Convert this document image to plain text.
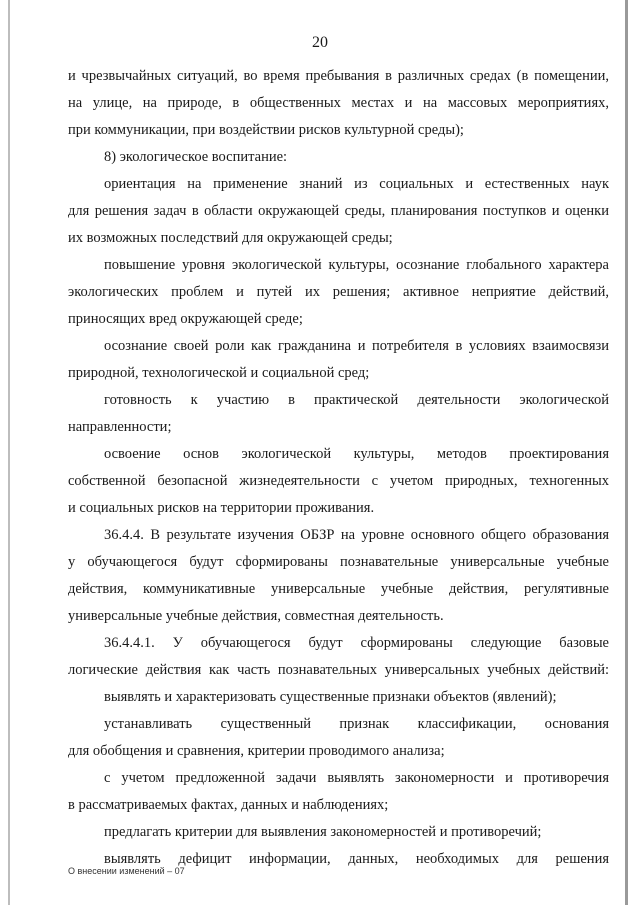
20
и чрезвычайных ситуаций, во время пребывания в различных средах (в помещении,
на улице, на природе, в общественных местах и на массовых мероприятиях,
при коммуникации, при воздействии рисков культурной среды);
8) экологическое воспитание:
ориентация на применение знаний из социальных и естественных наук
для решения задач в области окружающей среды, планирования поступков и оценки
их возможных последствий для окружающей среды;
повышение уровня экологической культуры, осознание глобального характера
экологических проблем и путей их решения; активное неприятие действий,
приносящих вред окружающей среде;
осознание своей роли как гражданина и потребителя в условиях взаимосвязи
природной, технологической и социальной сред;
готовность к участию в практической деятельности экологической
направленности;
освоение основ экологической культуры, методов проектирования
собственной безопасной жизнедеятельности с учетом природных, техногенных
и социальных рисков на территории проживания.
36.4.4. В результате изучения ОБЗР на уровне основного общего образования
у обучающегося будут сформированы познавательные универсальные учебные
действия, коммуникативные универсальные учебные действия, регулятивные
универсальные учебные действия, совместная деятельность.
36.4.4.1. У обучающегося будут сформированы следующие базовые
логические действия как часть познавательных универсальных учебных действий:
выявлять и характеризовать существенные признаки объектов (явлений);
устанавливать существенный признак классификации, основания
для обобщения и сравнения, критерии проводимого анализа;
с учетом предложенной задачи выявлять закономерности и противоречия
в рассматриваемых фактах, данных и наблюдениях;
предлагать критерии для выявления закономерностей и противоречий;
выявлять дефицит информации, данных, необходимых для решения
О внесении изменений – 07
